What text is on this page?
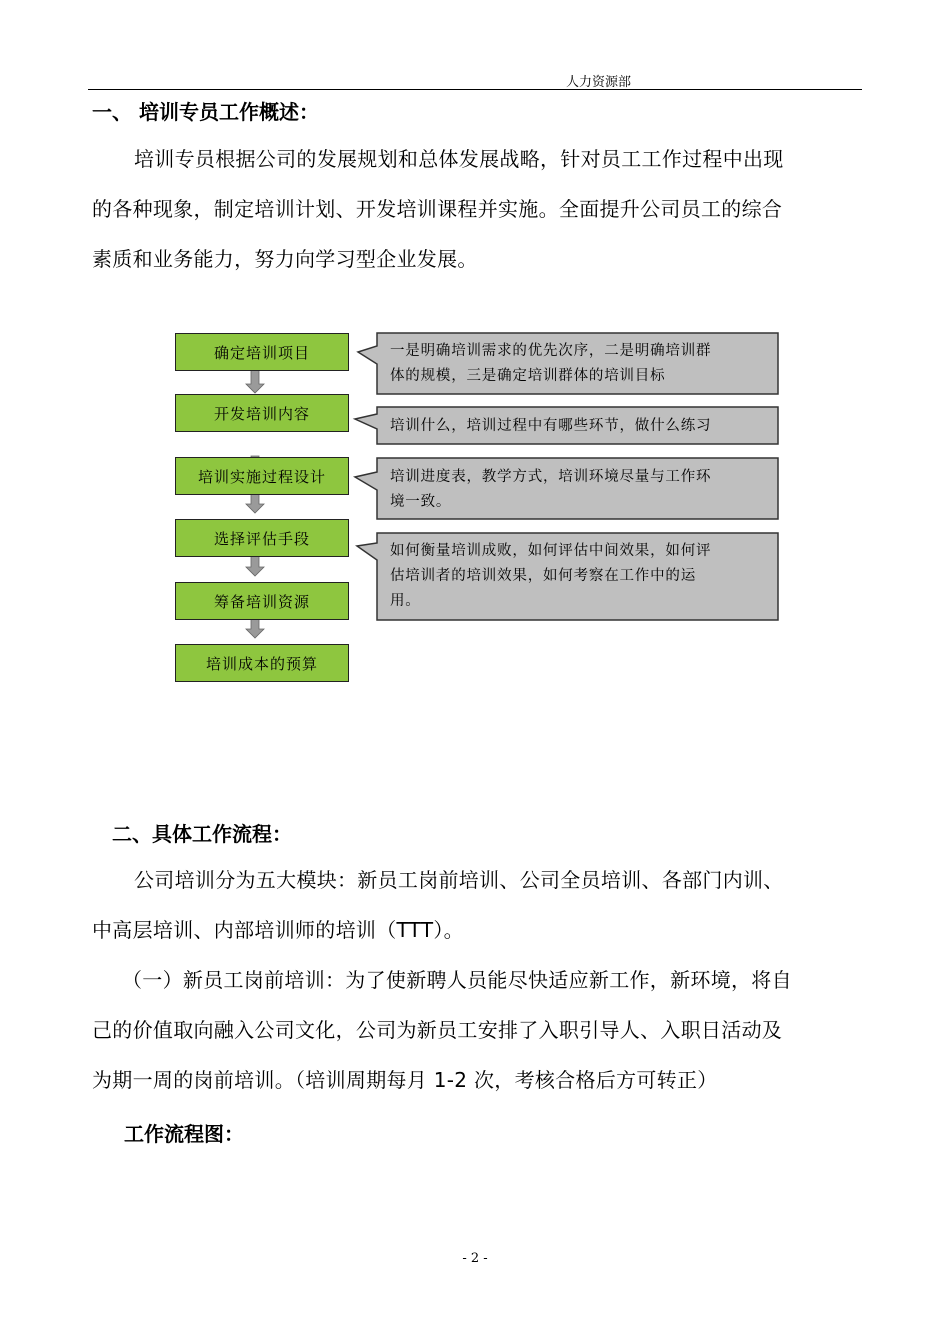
人力资源部
一、 培训专员工作概述：

培训专员根据公司的发展规划和总体发展战略，针对员工工作过程中出现

的各种现象，制定培训计划、开发培训课程并实施。全面提升公司员工的综合

素质和业务能力，努力向学习型企业发展。

确定培训项目
开发培训内容
培训实施过程设计
选择评估手段
筹备培训资源
培训成本的预算
一是明确培训需求的优先次序，二是明确培训群
体的规模，三是确定培训群体的培训目标
培训什么，培训过程中有哪些环节，做什么练习
培训进度表，教学方式，培训环境尽量与工作环
境一致。
如何衡量培训成败，如何评估中间效果，如何评
估培训者的培训效果，如何考察在工作中的运
用。
二、具体工作流程：

公司培训分为五大模块：新员工岗前培训、公司全员培训、各部门内训、

中高层培训、内部培训师的培训（TTT）。

（一）新员工岗前培训：为了使新聘人员能尽快适应新工作，新环境，将自

己的价值取向融入公司文化，公司为新员工安排了入职引导人、入职日活动及

为期一周的岗前培训。（培训周期每月 1-2 次，考核合格后方可转正）

工作流程图：
- 2 -
